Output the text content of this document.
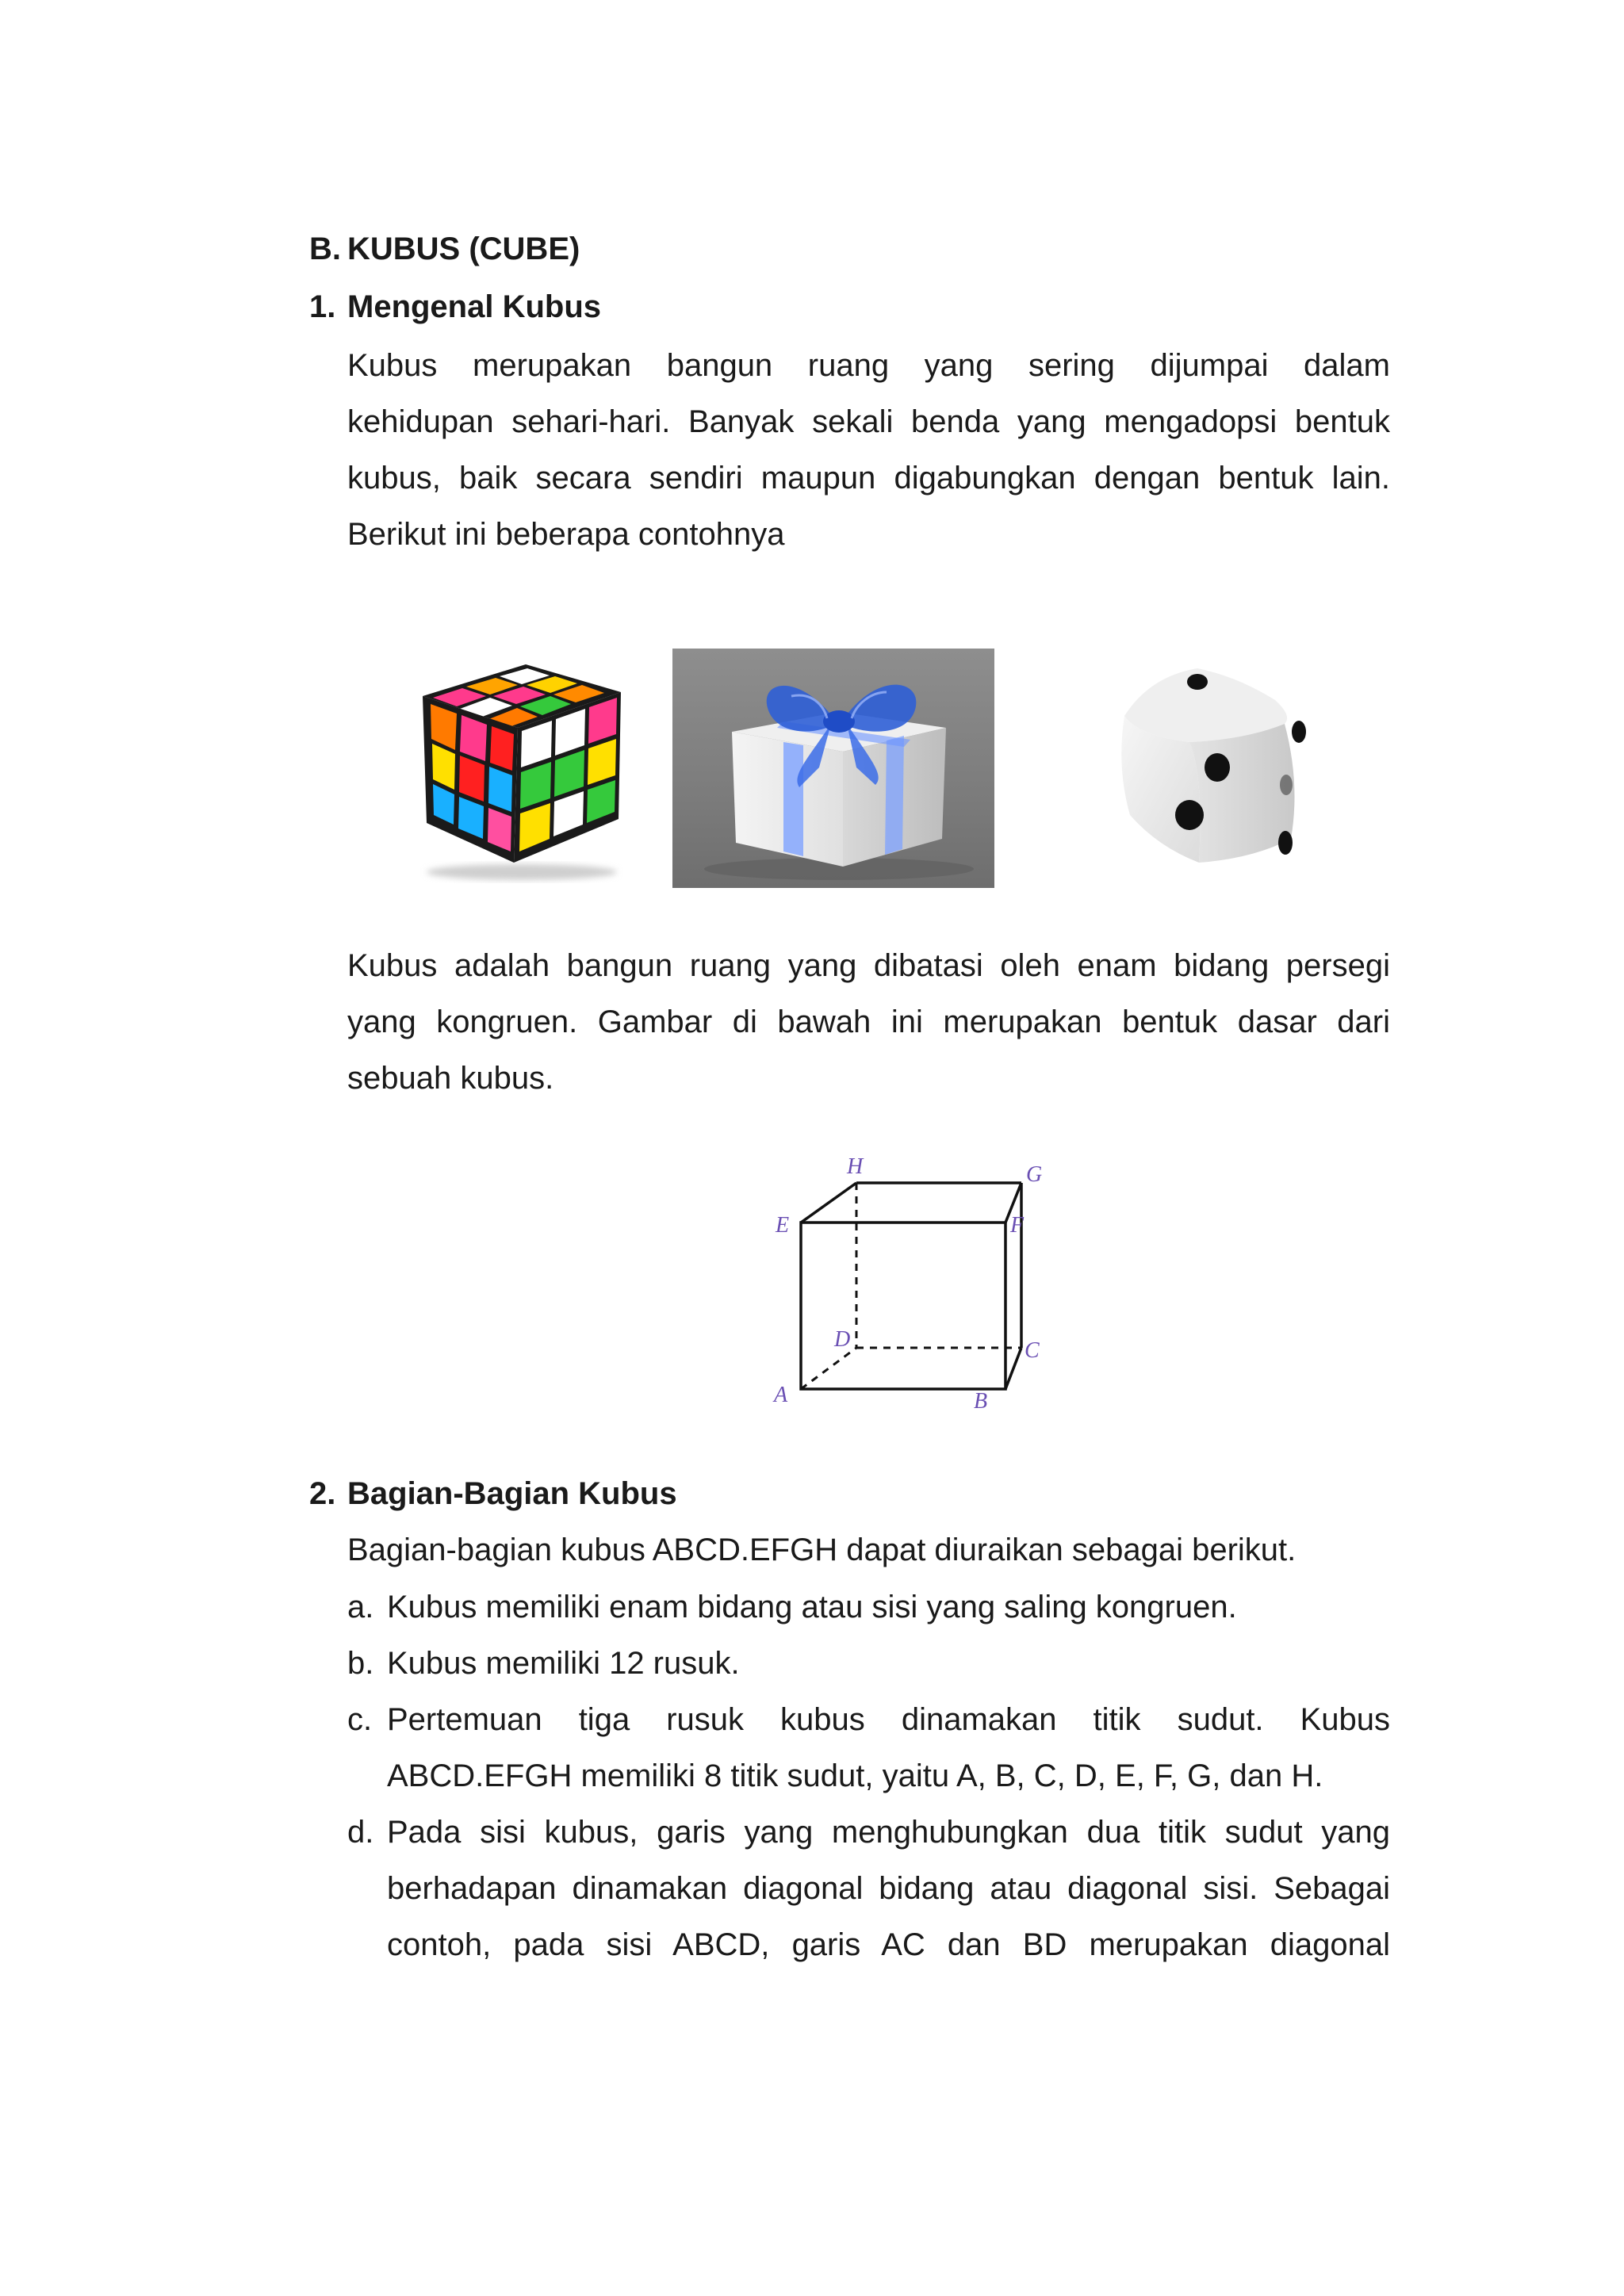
B. KUBUS (CUBE)
1. Mengenal Kubus
Kubus merupakan bangun ruang yang sering dijumpai dalam
kehidupan sehari-hari. Banyak sekali benda yang mengadopsi bentuk
kubus, baik secara sendiri maupun digabungkan dengan bentuk lain.
Berikut ini beberapa contohnya
Kubus adalah bangun ruang yang dibatasi oleh enam bidang persegi
yang kongruen. Gambar di bawah ini merupakan bentuk dasar dari
sebuah kubus.
H	G
E	F
D	C
A	B
2. Bagian-Bagian Kubus
Bagian-bagian kubus ABCD.EFGH dapat diuraikan sebagai berikut.
a. Kubus memiliki enam bidang atau sisi yang saling kongruen.
b. Kubus memiliki 12 rusuk.
c. Pertemuan tiga rusuk kubus dinamakan titik sudut. Kubus
ABCD.EFGH memiliki 8 titik sudut, yaitu A, B, C, D, E, F, G, dan H.
d. Pada sisi kubus, garis yang menghubungkan dua titik sudut yang
berhadapan dinamakan diagonal bidang atau diagonal sisi. Sebagai
contoh, pada sisi ABCD, garis AC dan BD merupakan diagonal
